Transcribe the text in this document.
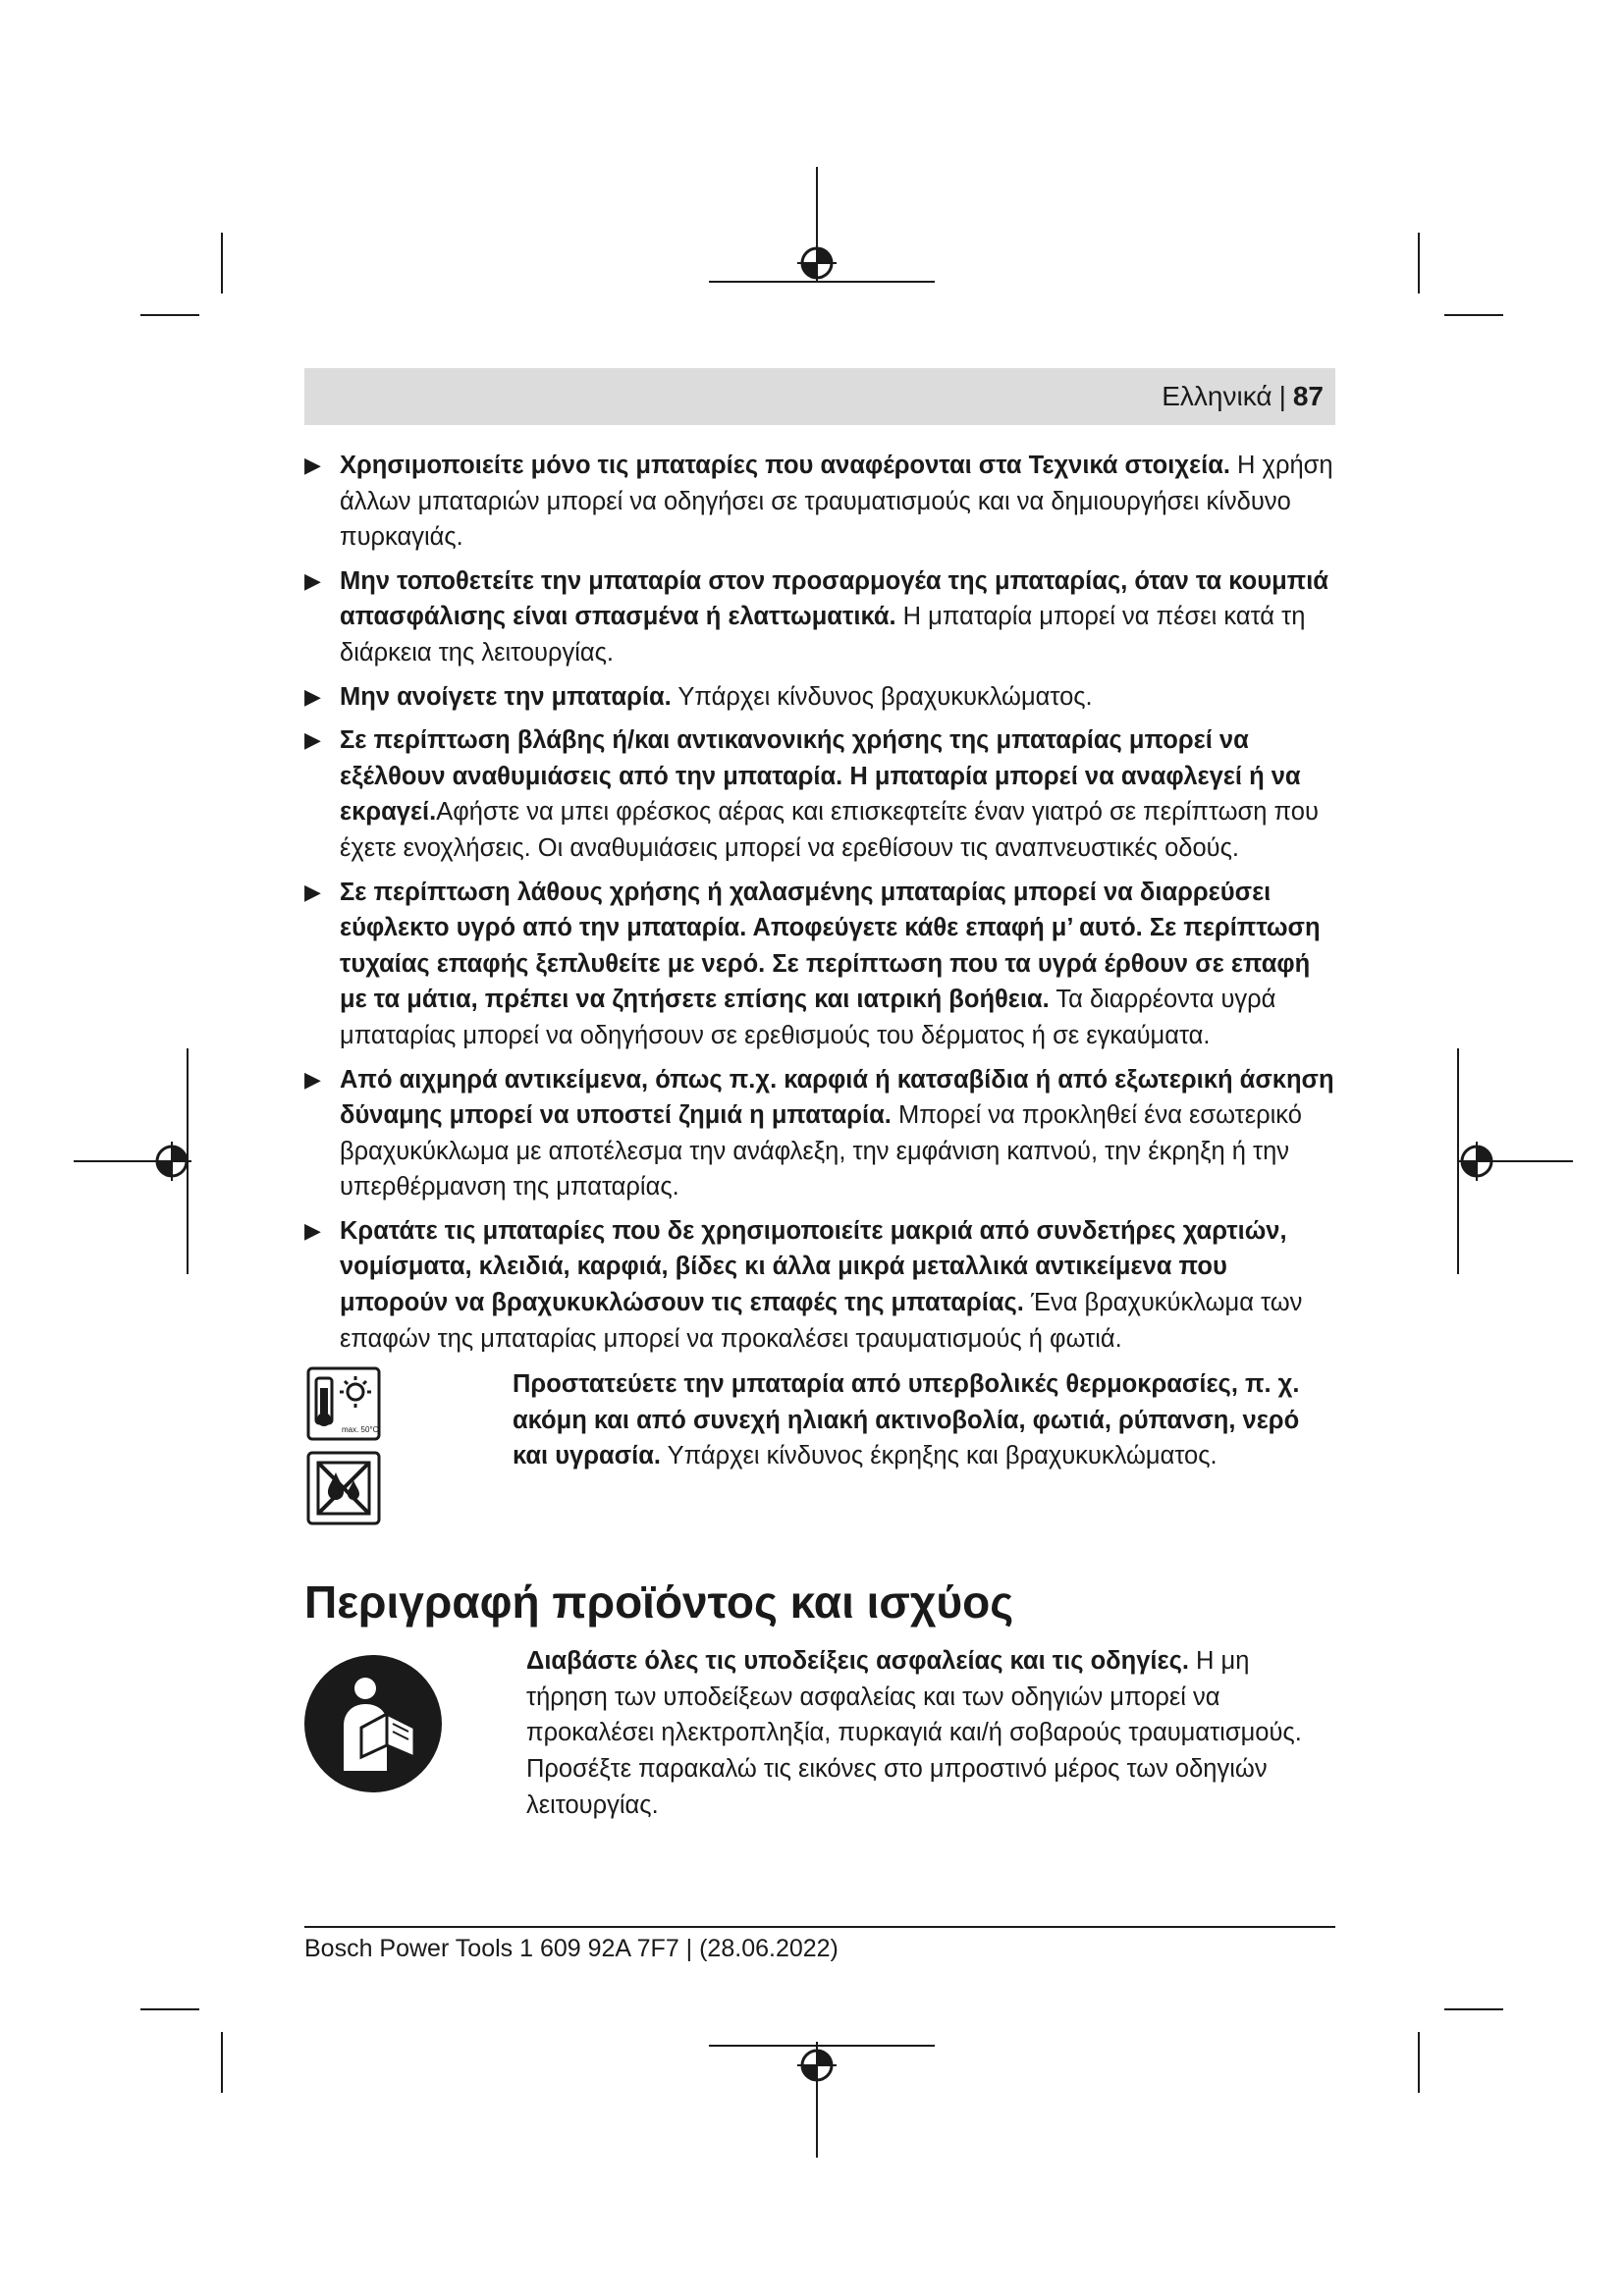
Ελληνικά | 87
▶ Χρησιμοποιείτε μόνο τις μπαταρίες που αναφέρονται στα Τεχνικά στοιχεία. Η χρήση άλλων μπαταριών μπορεί να οδηγήσει σε τραυματισμούς και να δημιουργήσει κίνδυνο πυρκαγιάς.
▶ Μην τοποθετείτε την μπαταρία στον προσαρμογέα της μπαταρίας, όταν τα κουμπιά απασφάλισης είναι σπασμένα ή ελαττωματικά. Η μπαταρία μπορεί να πέσει κατά τη διάρκεια της λειτουργίας.
▶ Μην ανοίγετε την μπαταρία. Υπάρχει κίνδυνος βραχυκυκλώματος.
▶ Σε περίπτωση βλάβης ή/και αντικανονικής χρήσης της μπαταρίας μπορεί να εξέλθουν αναθυμιάσεις από την μπαταρία. Η μπαταρία μπορεί να αναφλεγεί ή να εκραγεί.Αφήστε να μπει φρέσκος αέρας και επισκεφτείτε έναν γιατρό σε περίπτωση που έχετε ενοχλήσεις. Οι αναθυμιάσεις μπορεί να ερεθίσουν τις αναπνευστικές οδούς.
▶ Σε περίπτωση λάθους χρήσης ή χαλασμένης μπαταρίας μπορεί να διαρρεύσει εύφλεκτο υγρό από την μπαταρία. Αποφεύγετε κάθε επαφή μ’ αυτό. Σε περίπτωση τυχαίας επαφής ξεπλυθείτε με νερό. Σε περίπτωση που τα υγρά έρθουν σε επαφή με τα μάτια, πρέπει να ζητήσετε επίσης και ιατρική βοήθεια. Τα διαρρέοντα υγρά μπαταρίας μπορεί να οδηγήσουν σε ερεθισμούς του δέρματος ή σε εγκαύματα.
▶ Από αιχμηρά αντικείμενα, όπως π.χ. καρφιά ή κατσαβίδια ή από εξωτερική άσκηση δύναμης μπορεί να υποστεί ζημιά η μπαταρία. Μπορεί να προκληθεί ένα εσωτερικό βραχυκύκλωμα με αποτέλεσμα την ανάφλεξη, την εμφάνιση καπνού, την έκρηξη ή την υπερθέρμανση της μπαταρίας.
▶ Κρατάτε τις μπαταρίες που δε χρησιμοποιείτε μακριά από συνδετήρες χαρτιών, νομίσματα, κλειδιά, καρφιά, βίδες κι άλλα μικρά μεταλλικά αντικείμενα που μπορούν να βραχυκυκλώσουν τις επαφές της μπαταρίας. Ένα βραχυκύκλωμα των επαφών της μπαταρίας μπορεί να προκαλέσει τραυματισμούς ή φωτιά.
max. 50°C
Προστατεύετε την μπαταρία από υπερβολικές θερμοκρασίες, π. χ. ακόμη και από συνεχή ηλιακή ακτινοβολία, φωτιά, ρύπανση, νερό και υγρασία. Υπάρχει κίνδυνος έκρηξης και βραχυκυκλώματος.
Περιγραφή προϊόντος και ισχύος

Διαβάστε όλες τις υποδείξεις ασφαλείας και τις οδηγίες. Η μη τήρηση των υποδείξεων ασφαλείας και των οδηγιών μπορεί να προκαλέσει ηλεκτροπληξία, πυρκαγιά και/ή σοβαρούς τραυματισμούς.

Προσέξτε παρακαλώ τις εικόνες στο μπροστινό μέρος των οδηγιών λειτουργίας.

Bosch Power Tools 1 609 92A 7F7 | (28.06.2022)
